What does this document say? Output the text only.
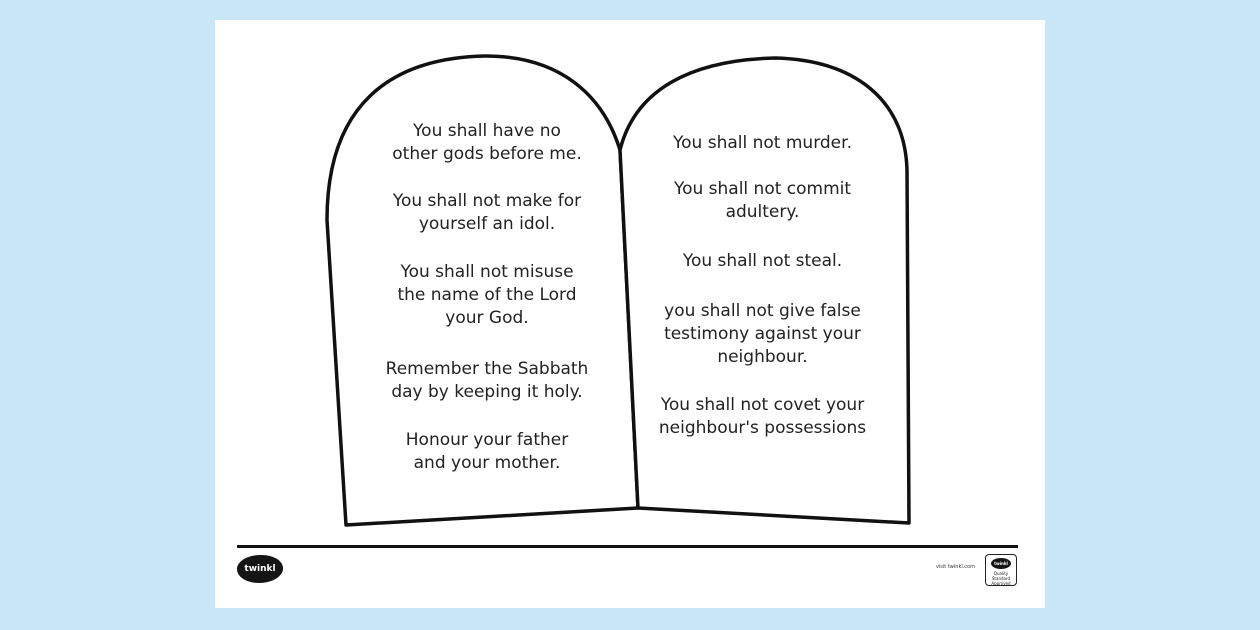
You shall have no
other gods before me.

You shall not make for
yourself an idol.

You shall not misuse
the name of the Lord
your God.

Remember the Sabbath
day by keeping it holy.

Honour your father
and your mother.

You shall not murder.

You shall not commit
adultery.

You shall not steal.

you shall not give false
testimony against your
neighbour.

You shall not covet your
neighbour's possessions

twinkl	visit twinkl.com
twinkl
Quality Standard Approved
